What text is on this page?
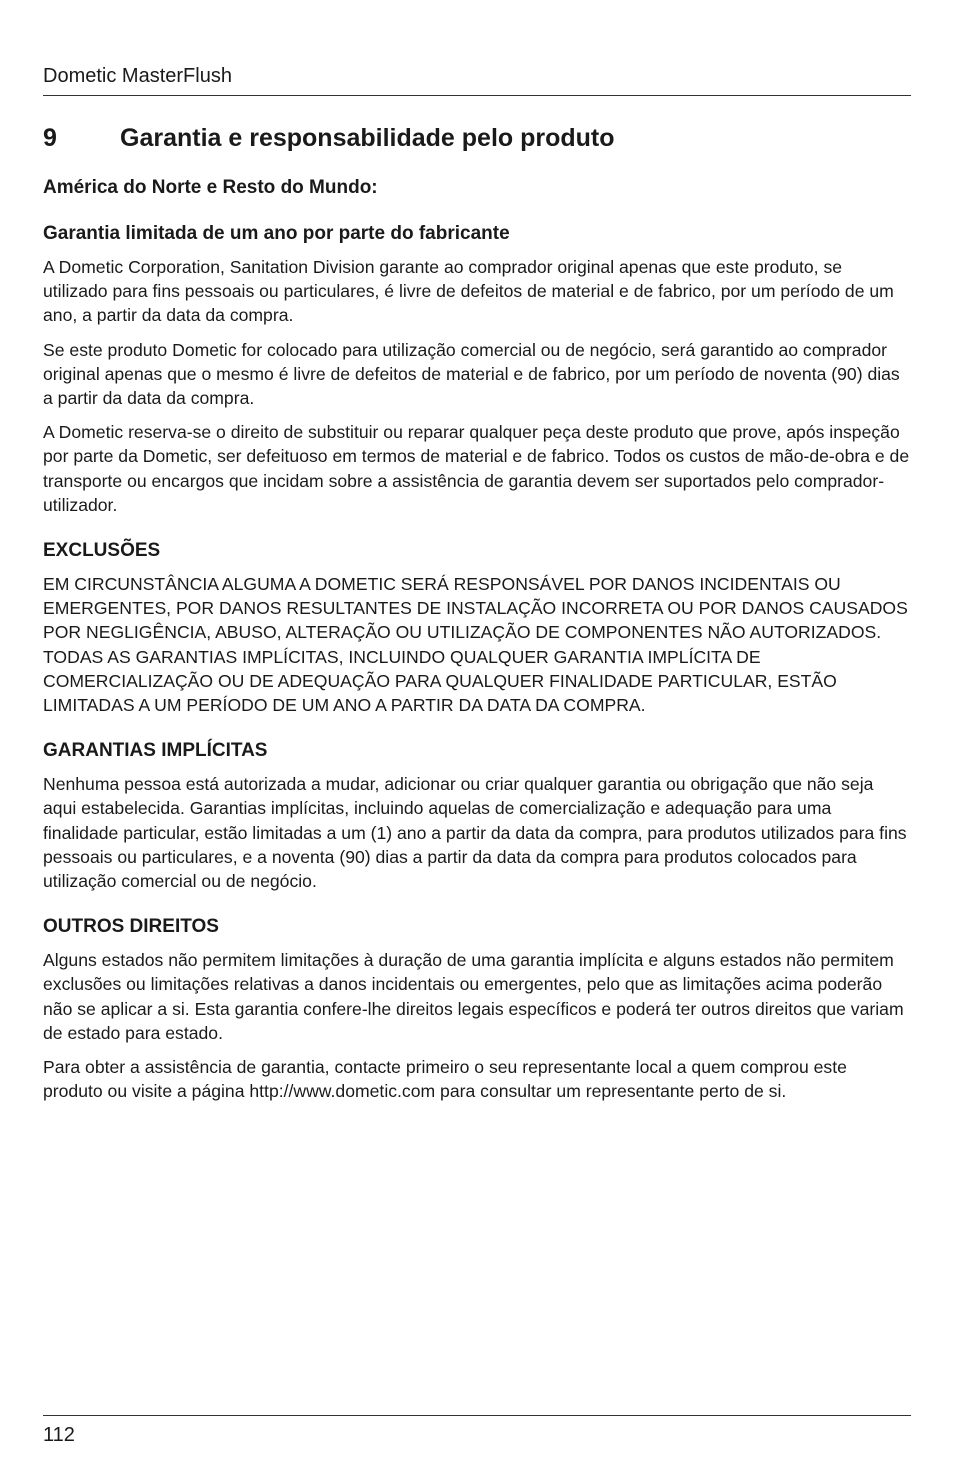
Dometic MasterFlush
9	Garantia e responsabilidade pelo produto
América do Norte e Resto do Mundo:
Garantia limitada de um ano por parte do fabricante

A Dometic Corporation, Sanitation Division garante ao comprador original apenas que este produto, se utilizado para fins pessoais ou particulares, é livre de defeitos de material e de fabrico, por um período de um ano, a partir da data da compra.

Se este produto Dometic for colocado para utilização comercial ou de negócio, será garantido ao comprador original apenas que o mesmo é livre de defeitos de material e de fabrico, por um período de noventa (90) dias a partir da data da compra.

A Dometic reserva-se o direito de substituir ou reparar qualquer peça deste produto que prove, após inspeção por parte da Dometic, ser defeituoso em termos de material e de fabrico. Todos os custos de mão-de-obra e de transporte ou encargos que incidam sobre a assistência de garantia devem ser suportados pelo comprador-utilizador.

EXCLUSÕES

EM CIRCUNSTÂNCIA ALGUMA A DOMETIC SERÁ RESPONSÁVEL POR DANOS INCIDENTAIS OU EMERGENTES, POR DANOS RESULTANTES DE INSTALAÇÃO INCORRETA OU POR DANOS CAUSADOS POR NEGLIGÊNCIA, ABUSO, ALTERAÇÃO OU UTILIZAÇÃO DE COMPONENTES NÃO AUTORIZADOS. TODAS AS GARANTIAS IMPLÍCITAS, INCLUINDO QUALQUER GARANTIA IMPLÍCITA DE COMERCIALIZAÇÃO OU DE ADEQUAÇÃO PARA QUALQUER FINALIDADE PARTICULAR, ESTÃO LIMITADAS A UM PERÍODO DE UM ANO A PARTIR DA DATA DA COMPRA.

GARANTIAS IMPLÍCITAS

Nenhuma pessoa está autorizada a mudar, adicionar ou criar qualquer garantia ou obrigação que não seja aqui estabelecida. Garantias implícitas, incluindo aquelas de comercialização e adequação para uma finalidade particular, estão limitadas a um (1) ano a partir da data da compra, para produtos utilizados para fins pessoais ou particulares, e a noventa (90) dias a partir da data da compra para produtos colocados para utilização comercial ou de negócio.

OUTROS DIREITOS

Alguns estados não permitem limitações à duração de uma garantia implícita e alguns estados não permitem exclusões ou limitações relativas a danos incidentais ou emergentes, pelo que as limitações acima poderão não se aplicar a si. Esta garantia confere-lhe direitos legais específicos e poderá ter outros direitos que variam de estado para estado.

Para obter a assistência de garantia, contacte primeiro o seu representante local a quem comprou este produto ou visite a página http://www.dometic.com para consultar um representante perto de si.

112
